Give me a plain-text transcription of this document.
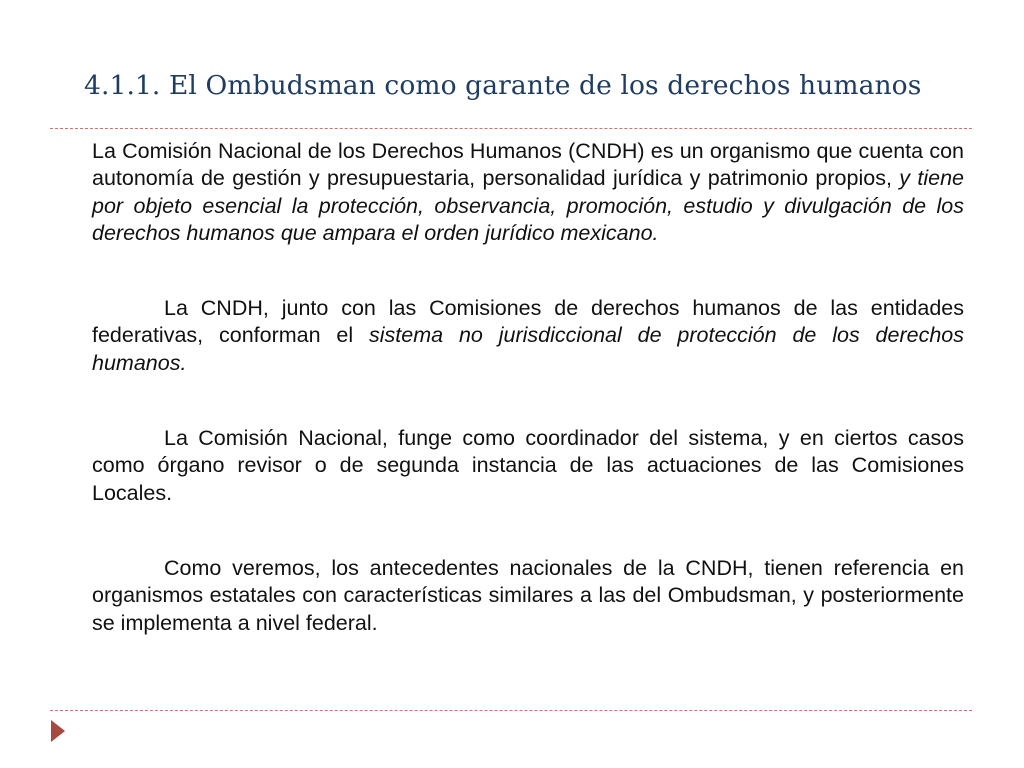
4.1.1. El Ombudsman como garante de los derechos humanos

La Comisión Nacional de los Derechos Humanos (CNDH) es un organismo que cuenta con autonomía de gestión y presupuestaria, personalidad jurídica y patrimonio propios, y tiene por objeto esencial la protección, observancia, promoción, estudio y divulgación de los derechos humanos que ampara el orden jurídico mexicano.

La CNDH, junto con las Comisiones de derechos humanos de las entidades federativas, conforman el sistema no jurisdiccional de protección de los derechos humanos.

La Comisión Nacional, funge como coordinador del sistema, y en ciertos casos como órgano revisor o de segunda instancia de las actuaciones de las Comisiones Locales.

Como veremos, los antecedentes nacionales de la CNDH, tienen referencia en organismos estatales con características similares a las del Ombudsman, y posteriormente se implementa a nivel federal.
